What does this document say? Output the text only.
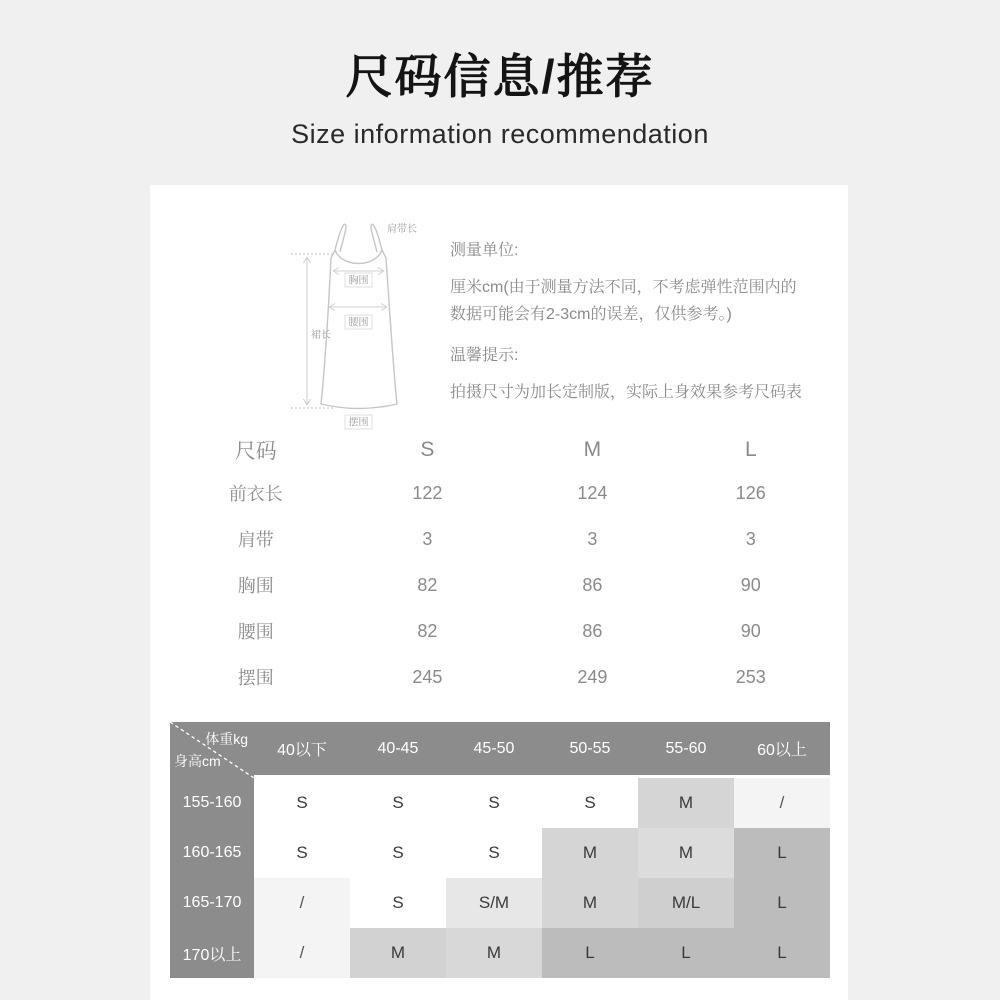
尺码信息/推荐
Size information recommendation
胸围
腰围
摆围
肩带长
裙长
测量单位:
厘米cm(由于测量方法不同，不考虑弹性范围内的
数据可能会有2-3cm的误差，仅供参考。)
温馨提示:
拍摄尺寸为加长定制版，实际上身效果参考尺码表
尺码	S	M	L
前衣长	122	124	126
肩带	3	3	3
胸围	82	86	90
腰围	82	86	90
摆围	245	249	253
体重kg
身高cm
40以下	40-45	45-50	50-55	55-60	60以上
155-160	S	S	S	S	M	/
160-165	S	S	S	M	M	L
165-170	/	S	S/M	M	M/L	L
170以上	/	M	M	L	L	L
